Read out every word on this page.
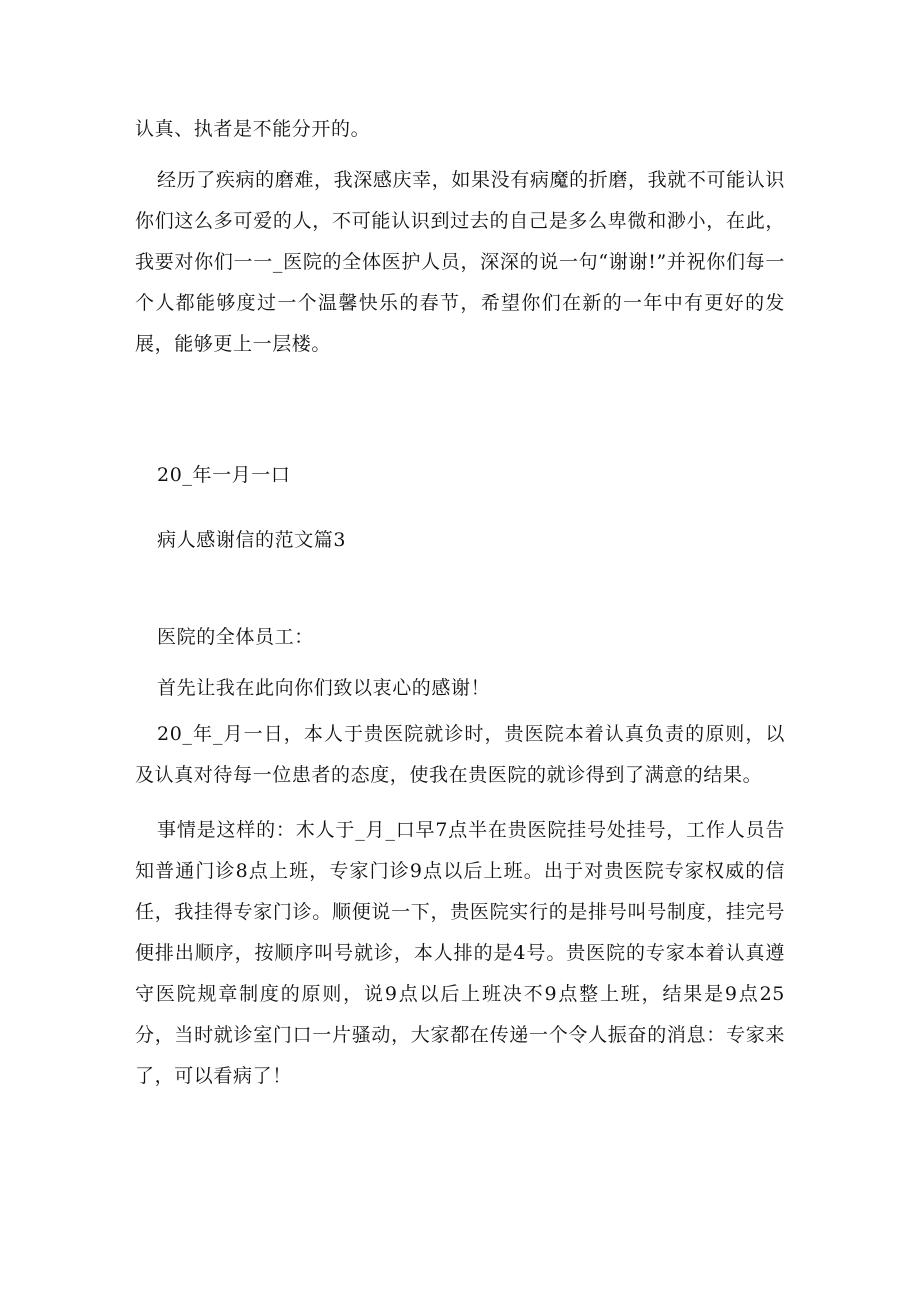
认真、执者是不能分开的。

经历了疾病的磨难，我深感庆幸，如果没有病魔的折磨，我就不可能认识你们这么多可爱的人，不可能认识到过去的自己是多么卑微和渺小，在此，我要对你们一一_医院的全体医护人员，深深的说一句“谢谢!”并祝你们每一个人都能够度过一个温馨快乐的春节，希望你们在新的一年中有更好的发展，能够更上一层楼。

20_年一月一口

病人感谢信的范文篇3

医院的全体员工：

首先让我在此向你们致以衷心的感谢！

20_年_月一日，本人于贵医院就诊时，贵医院本着认真负责的原则，以及认真对待每一位患者的态度，使我在贵医院的就诊得到了满意的结果。

事情是这样的：木人于_月_口早7点半在贵医院挂号处挂号，工作人员告知普通门诊8点上班，专家门诊9点以后上班。出于对贵医院专家权威的信任，我挂得专家门诊。顺便说一下，贵医院实行的是排号叫号制度，挂完号便排出顺序，按顺序叫号就诊，本人排的是4号。贵医院的专家本着认真遵守医院规章制度的原则，说9点以后上班决不9点整上班，结果是9点25分，当时就诊室门口一片骚动，大家都在传递一个令人振奋的消息：专家来了，可以看病了！
